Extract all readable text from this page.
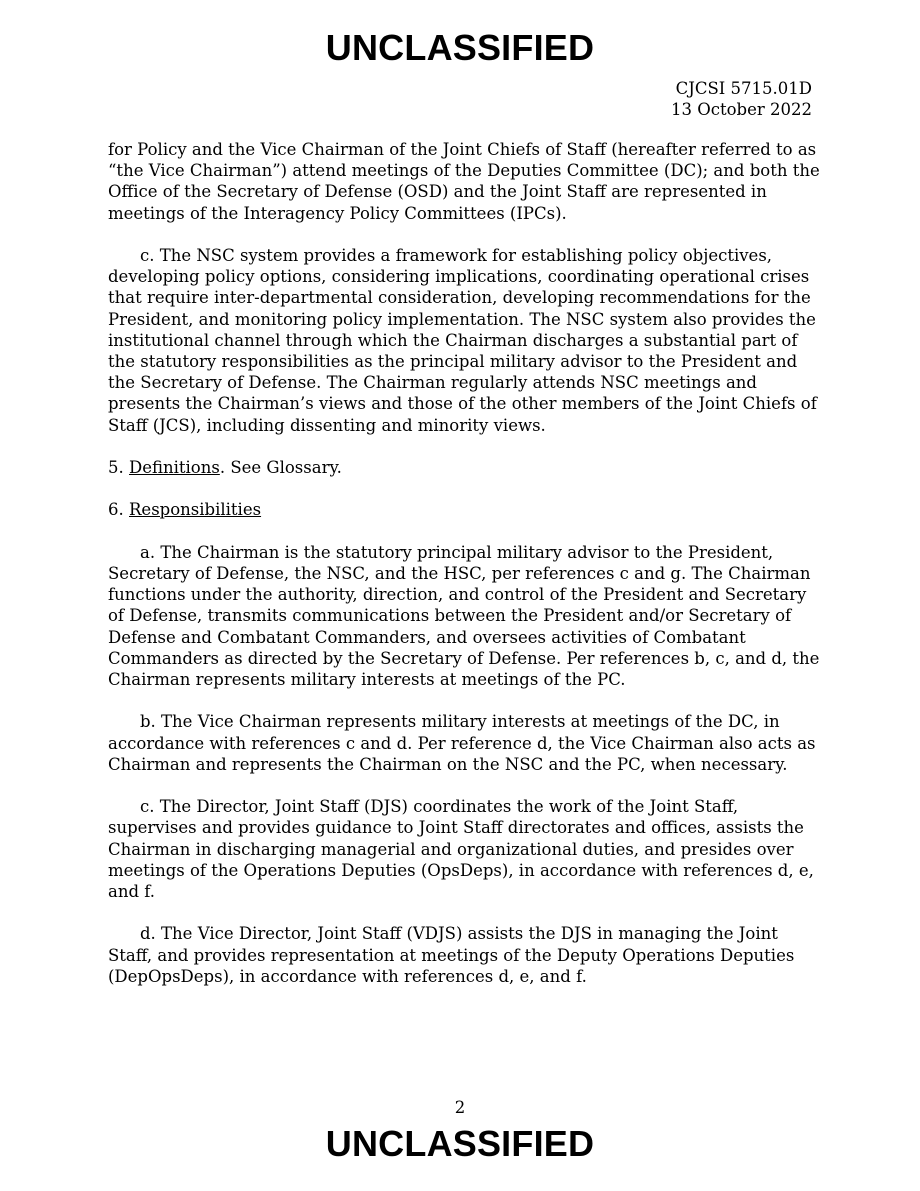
UNCLASSIFIED
CJCSI 5715.01D
13 October 2022

for Policy and the Vice Chairman of the Joint Chiefs of Staff (hereafter referred to as “the Vice Chairman”) attend meetings of the Deputies Committee (DC); and both the Office of the Secretary of Defense (OSD) and the Joint Staff are represented in meetings of the Interagency Policy Committees (IPCs).

c. The NSC system provides a framework for establishing policy objectives, developing policy options, considering implications, coordinating operational crises that require inter-departmental consideration, developing recommendations for the President, and monitoring policy implementation. The NSC system also provides the institutional channel through which the Chairman discharges a substantial part of the statutory responsibilities as the principal military advisor to the President and the Secretary of Defense. The Chairman regularly attends NSC meetings and presents the Chairman’s views and those of the other members of the Joint Chiefs of Staff (JCS), including dissenting and minority views.

5. Definitions. See Glossary.

6. Responsibilities

a. The Chairman is the statutory principal military advisor to the President, Secretary of Defense, the NSC, and the HSC, per references c and g. The Chairman functions under the authority, direction, and control of the President and Secretary of Defense, transmits communications between the President and/or Secretary of Defense and Combatant Commanders, and oversees activities of Combatant Commanders as directed by the Secretary of Defense. Per references b, c, and d, the Chairman represents military interests at meetings of the PC.

b. The Vice Chairman represents military interests at meetings of the DC, in accordance with references c and d. Per reference d, the Vice Chairman also acts as Chairman and represents the Chairman on the NSC and the PC, when necessary.

c. The Director, Joint Staff (DJS) coordinates the work of the Joint Staff, supervises and provides guidance to Joint Staff directorates and offices, assists the Chairman in discharging managerial and organizational duties, and presides over meetings of the Operations Deputies (OpsDeps), in accordance with references d, e, and f.

d. The Vice Director, Joint Staff (VDJS) assists the DJS in managing the Joint Staff, and provides representation at meetings of the Deputy Operations Deputies (DepOpsDeps), in accordance with references d, e, and f.

2
UNCLASSIFIED
